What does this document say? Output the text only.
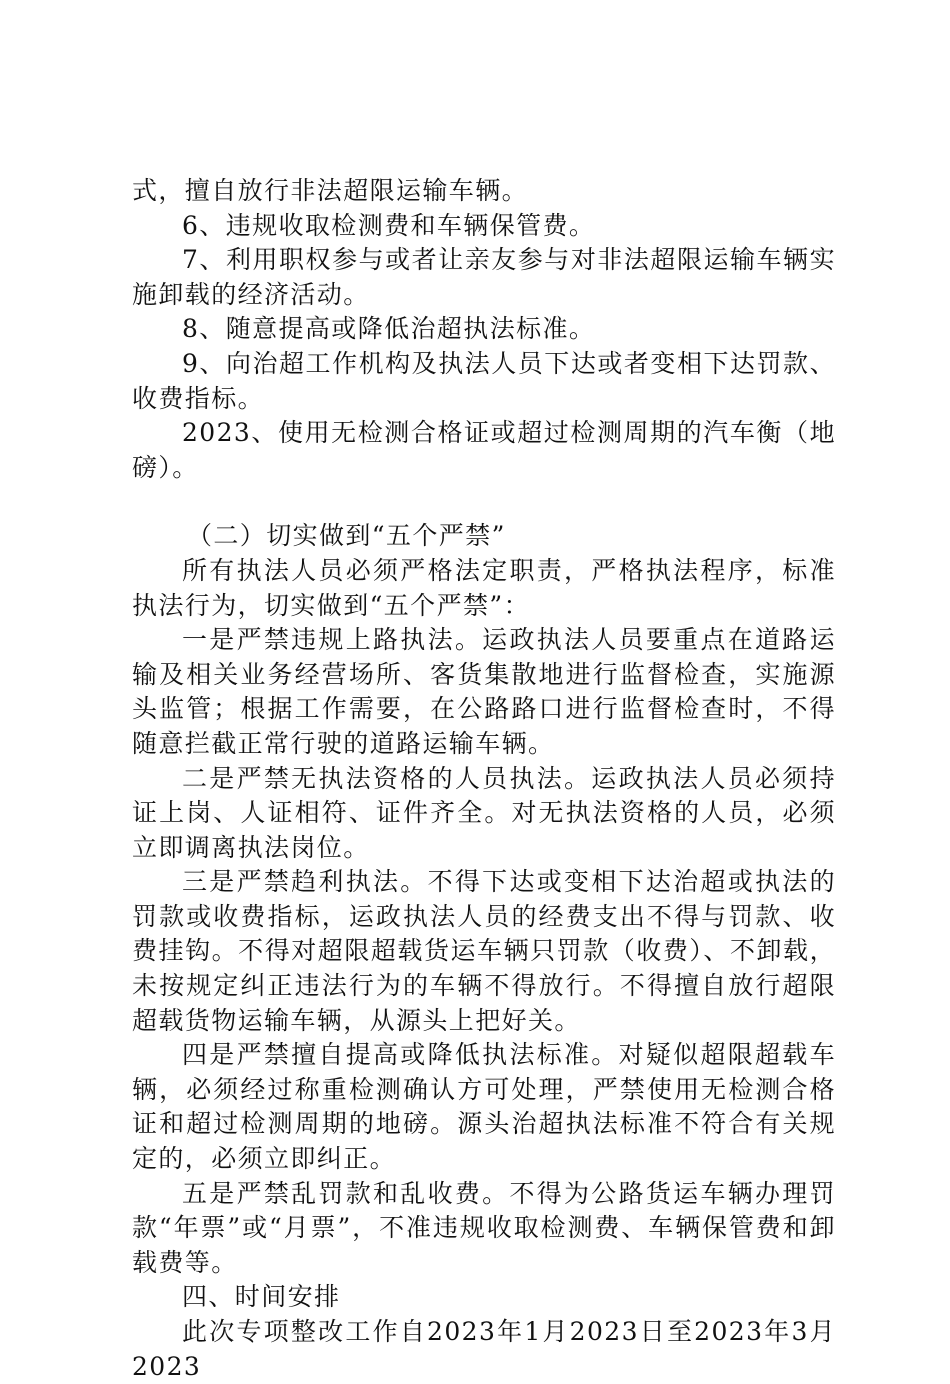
式，擅自放行非法超限运输车辆。

6、违规收取检测费和车辆保管费。

7、利用职权参与或者让亲友参与对非法超限运输车辆实施卸载的经济活动。

8、随意提高或降低治超执法标准。

9、向治超工作机构及执法人员下达或者变相下达罚款、收费指标。

2023、使用无检测合格证或超过检测周期的汽车衡（地磅）。

（二）切实做到“五个严禁”

所有执法人员必须严格法定职责，严格执法程序，标准执法行为，切实做到“五个严禁”：

一是严禁违规上路执法。运政执法人员要重点在道路运输及相关业务经营场所、客货集散地进行监督检查，实施源头监管；根据工作需要，在公路路口进行监督检查时，不得随意拦截正常行驶的道路运输车辆。

二是严禁无执法资格的人员执法。运政执法人员必须持证上岗、人证相符、证件齐全。对无执法资格的人员，必须立即调离执法岗位。

三是严禁趋利执法。不得下达或变相下达治超或执法的罚款或收费指标，运政执法人员的经费支出不得与罚款、收费挂钩。不得对超限超载货运车辆只罚款（收费）、不卸载，未按规定纠正违法行为的车辆不得放行。不得擅自放行超限超载货物运输车辆，从源头上把好关。

四是严禁擅自提高或降低执法标准。对疑似超限超载车辆，必须经过称重检测确认方可处理，严禁使用无检测合格证和超过检测周期的地磅。源头治超执法标准不符合有关规定的，必须立即纠正。

五是严禁乱罚款和乱收费。不得为公路货运车辆办理罚款“年票”或“月票”，不准违规收取检测费、车辆保管费和卸载费等。

四、时间安排

此次专项整改工作自2023年1月2023日至2023年3月2023
